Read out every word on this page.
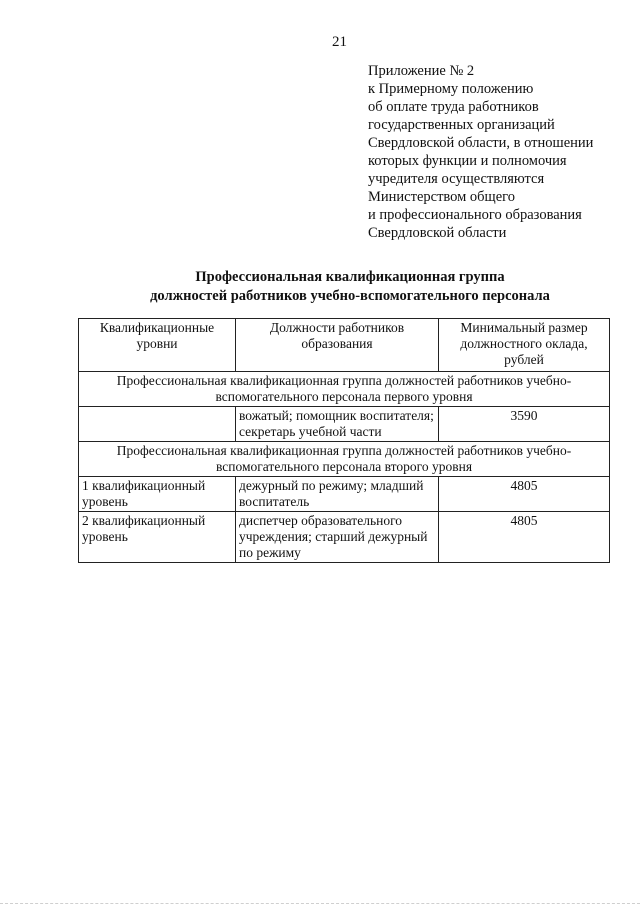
21
Приложение № 2
к Примерному положению
об оплате труда работников
государственных организаций
Свердловской области, в отношении
которых функции и полномочия
учредителя осуществляются
Министерством общего
и профессионального образования
Свердловской области
Профессиональная квалификационная группа
должностей работников учебно-вспомогательного персонала
Квалификационные уровни	Должности работников образования	Минимальный размер должностного оклада, рублей
Профессиональная квалификационная группа должностей работников учебно-вспомогательного персонала первого уровня		
	вожатый; помощник воспитателя; секретарь учебной части	3590
Профессиональная квалификационная группа должностей работников учебно-вспомогательного персонала второго уровня		
1 квалификационный уровень	дежурный по режиму; младший воспитатель	4805
2 квалификационный уровень	диспетчер образовательного учреждения; старший дежурный по режиму	4805
